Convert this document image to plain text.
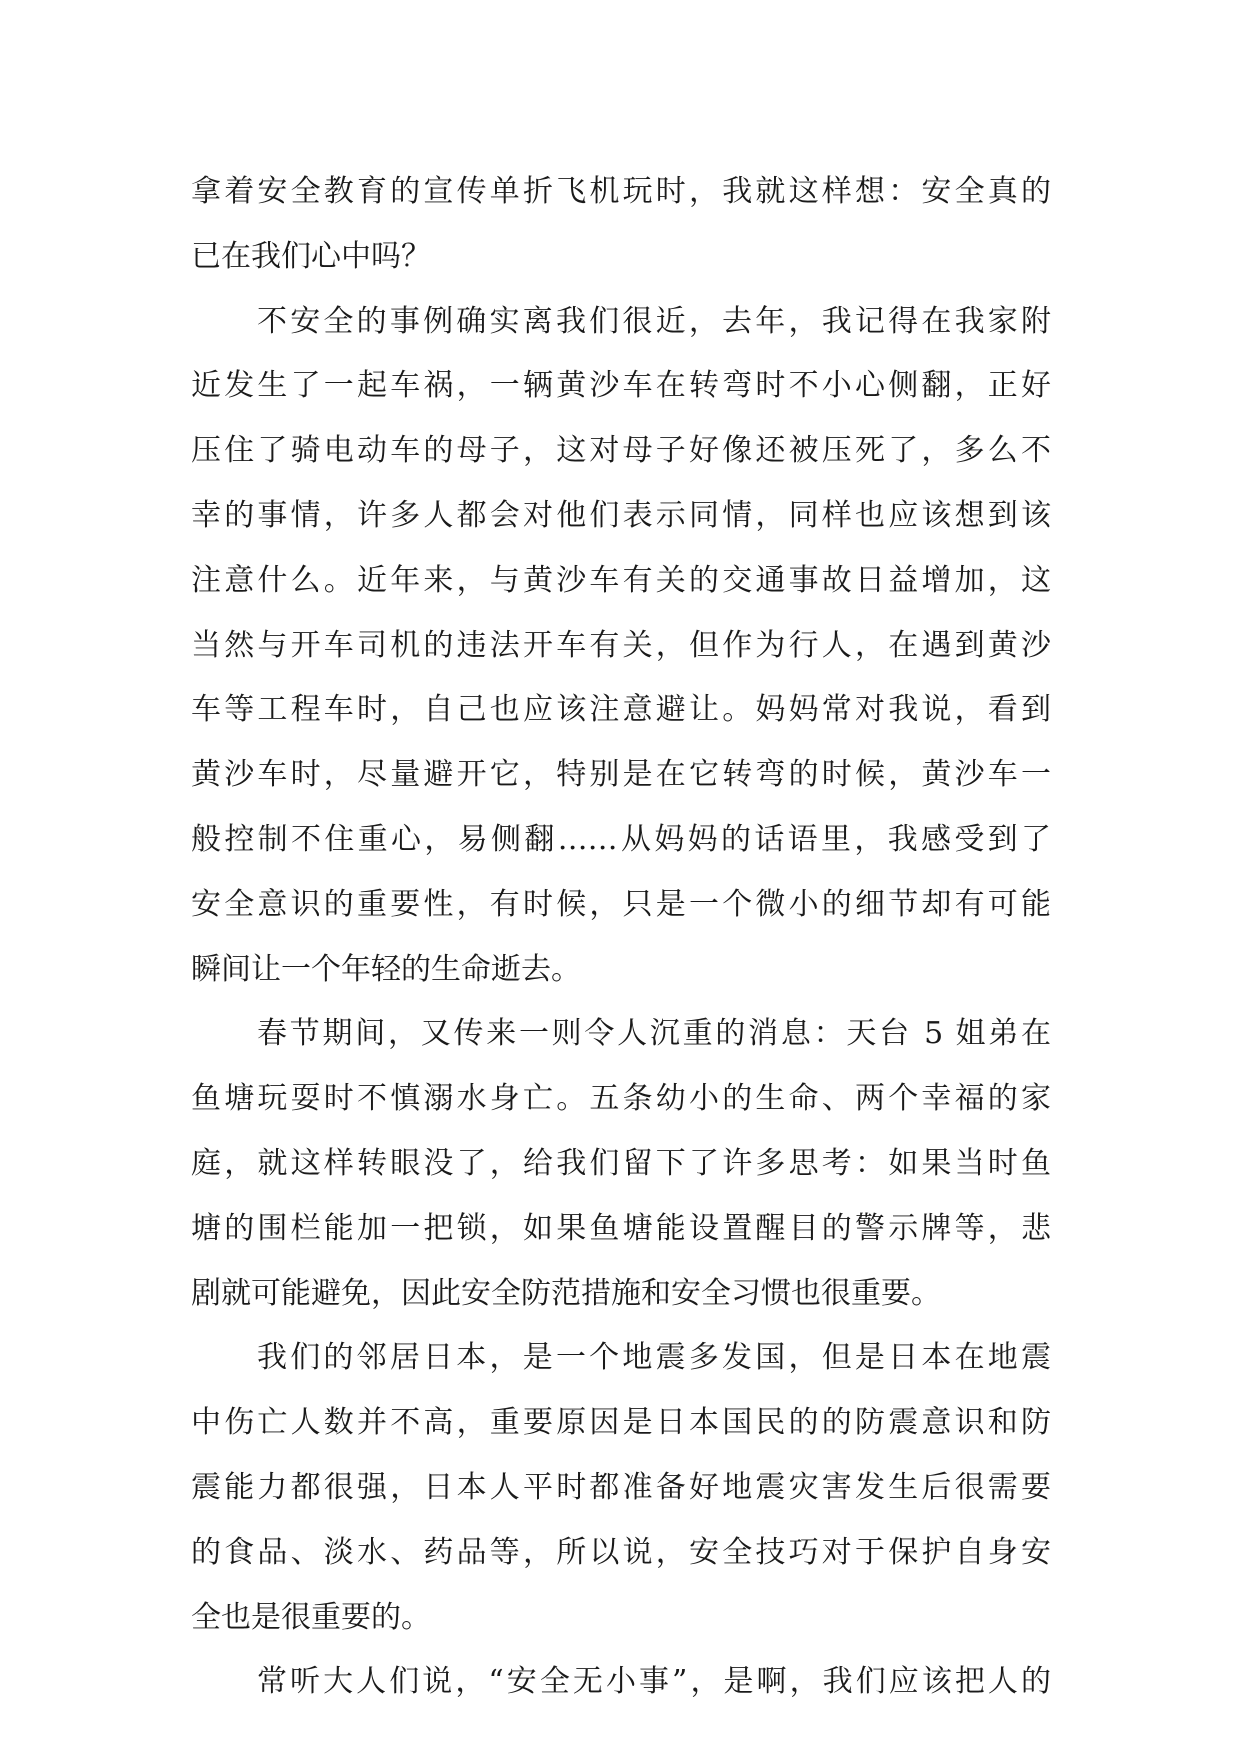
拿着安全教育的宣传单折飞机玩时，我就这样想：安全真的
已在我们心中吗？
不安全的事例确实离我们很近，去年，我记得在我家附
近发生了一起车祸，一辆黄沙车在转弯时不小心侧翻，正好
压住了骑电动车的母子，这对母子好像还被压死了，多么不
幸的事情，许多人都会对他们表示同情，同样也应该想到该
注意什么。近年来，与黄沙车有关的交通事故日益增加，这
当然与开车司机的违法开车有关，但作为行人，在遇到黄沙
车等工程车时，自己也应该注意避让。妈妈常对我说，看到
黄沙车时，尽量避开它，特别是在它转弯的时候，黄沙车一
般控制不住重心，易侧翻……从妈妈的话语里，我感受到了
安全意识的重要性，有时候，只是一个微小的细节却有可能
瞬间让一个年轻的生命逝去。
春节期间，又传来一则令人沉重的消息：天台 5 姐弟在
鱼塘玩耍时不慎溺水身亡。五条幼小的生命、两个幸福的家
庭，就这样转眼没了，给我们留下了许多思考：如果当时鱼
塘的围栏能加一把锁，如果鱼塘能设置醒目的警示牌等，悲
剧就可能避免，因此安全防范措施和安全习惯也很重要。
我们的邻居日本，是一个地震多发国，但是日本在地震
中伤亡人数并不高，重要原因是日本国民的的防震意识和防
震能力都很强，日本人平时都准备好地震灾害发生后很需要
的食品、淡水、药品等，所以说，安全技巧对于保护自身安
全也是很重要的。
常听大人们说，“安全无小事”，是啊，我们应该把人的
